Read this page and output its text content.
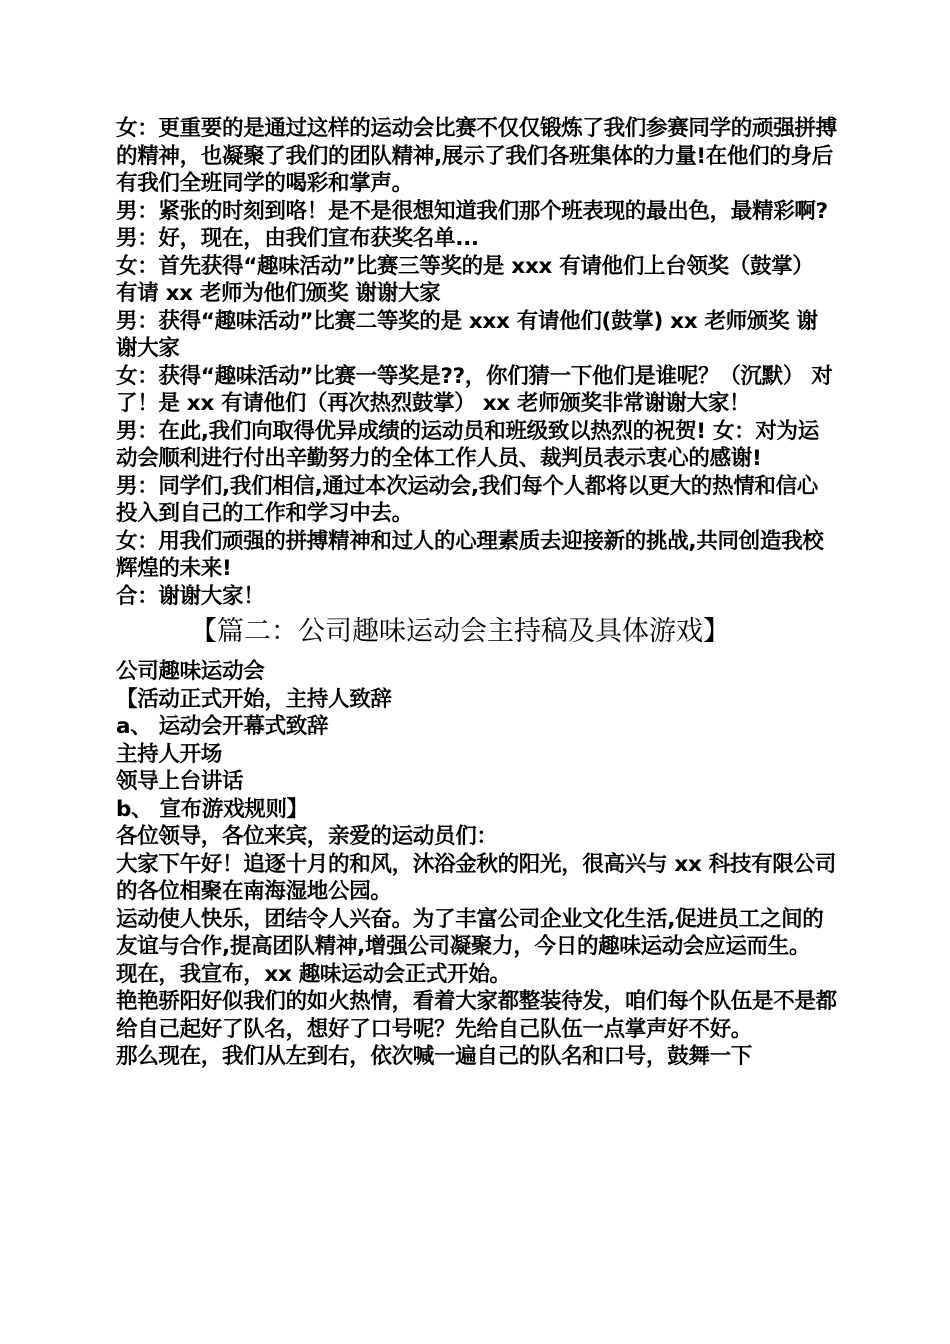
女：更重要的是通过这样的运动会比赛不仅仅锻炼了我们参赛同学的顽强拼搏的精神，也凝聚了我们的团队精神,展示了我们各班集体的力量!在他们的身后有我们全班同学的喝彩和掌声。

男：紧张的时刻到咯！是不是很想知道我们那个班表现的最出色，最精彩啊?

男：好，现在，由我们宣布获奖名单...

女：首先获得“趣味活动”比赛三等奖的是 xxx 有请他们上台领奖（鼓掌） 有请 xx 老师为他们颁奖 谢谢大家

男：获得“趣味活动”比赛二等奖的是 xxx 有请他们(鼓掌) xx 老师颁奖 谢谢大家

女：获得“趣味活动”比赛一等奖是??，你们猜一下他们是谁呢？（沉默） 对了！是 xx 有请他们（再次热烈鼓掌） xx 老师颁奖非常谢谢大家！

男：在此,我们向取得优异成绩的运动员和班级致以热烈的祝贺! 女：对为运动会顺利进行付出辛勤努力的全体工作人员、裁判员表示衷心的感谢!

男：同学们,我们相信,通过本次运动会,我们每个人都将以更大的热情和信心投入到自己的工作和学习中去。

女：用我们顽强的拼搏精神和过人的心理素质去迎接新的挑战,共同创造我校辉煌的未来!

合：谢谢大家！

【篇二：公司趣味运动会主持稿及具体游戏】

公司趣味运动会

【活动正式开始，主持人致辞

a、 运动会开幕式致辞

主持人开场

领导上台讲话

b、 宣布游戏规则】

各位领导，各位来宾，亲爱的运动员们：

大家下午好！追逐十月的和风，沐浴金秋的阳光，很高兴与 xx 科技有限公司的各位相聚在南海湿地公园。

运动使人快乐，团结令人兴奋。为了丰富公司企业文化生活,促进员工之间的友谊与合作,提高团队精神,增强公司凝聚力，今日的趣味运动会应运而生。

现在，我宣布，xx 趣味运动会正式开始。

艳艳骄阳好似我们的如火热情，看着大家都整装待发，咱们每个队伍是不是都给自己起好了队名，想好了口号呢？先给自己队伍一点掌声好不好。

那么现在，我们从左到右，依次喊一遍自己的队名和口号，鼓舞一下
